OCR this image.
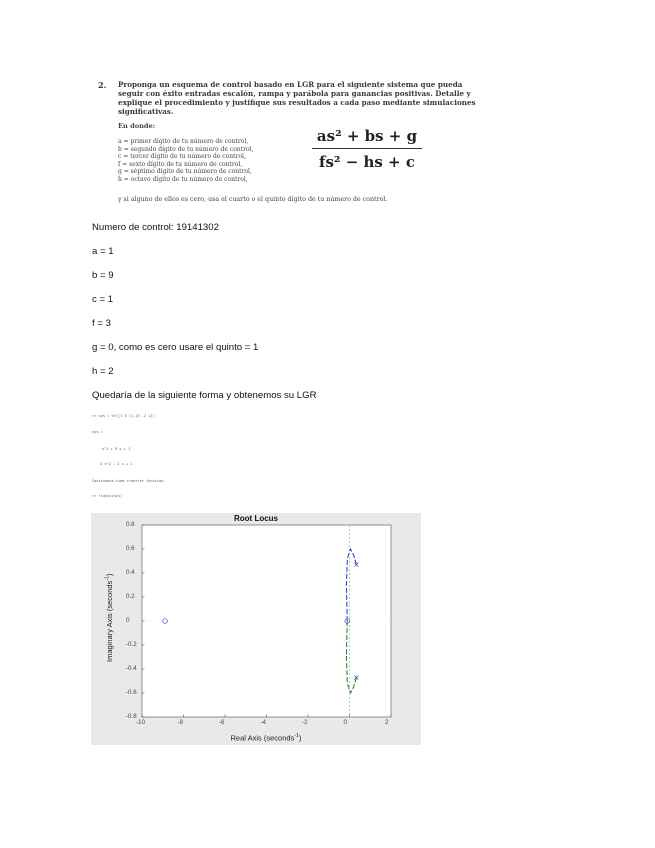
2. Proponga un esquema de control basado en LGR para el siguiente sistema que pueda seguir con éxito entradas escalón, rampa y parábola para ganancias positivas. Detalle y explique el procedimiento y justifique sus resultados a cada paso mediante simulaciones significativas.
En donde:
a = primer dígito de tu número de control,
b = segundo dígito de tu número de control,
c = tercer dígito de tu número de control,
f = sexto dígito de tu número de control,
g = séptimo dígito de tu número de control,
h = octavo dígito de tu número de control,
y si alguno de ellos es cero, usa el cuarto o el quinto dígito de tu número de control.
as² + bs + g
fs² − hs + c
Numero de control: 19141302
a = 1
b = 9
c = 1
f = 3
g = 0, como es cero usare el quinto = 1
h = 2
Quedaría de la siguiente forma y obtenemos su LGR
>> sys = tf([1 9 1],[3 -2 1])
sys =
s^2 + 9 s + 1
3 s^2 - 2 s + 1
Continuous-time transfer function.
>> rlocus(sys)
Root Locus
-10	-8	-6	-4	-2	0	2
-0.8
-0.6
-0.4
-0.2
0
0.2
0.4
0.6
0.8
Real Axis (seconds$^{-1}$)
Imaginary Axis (seconds$^{-1}$)
